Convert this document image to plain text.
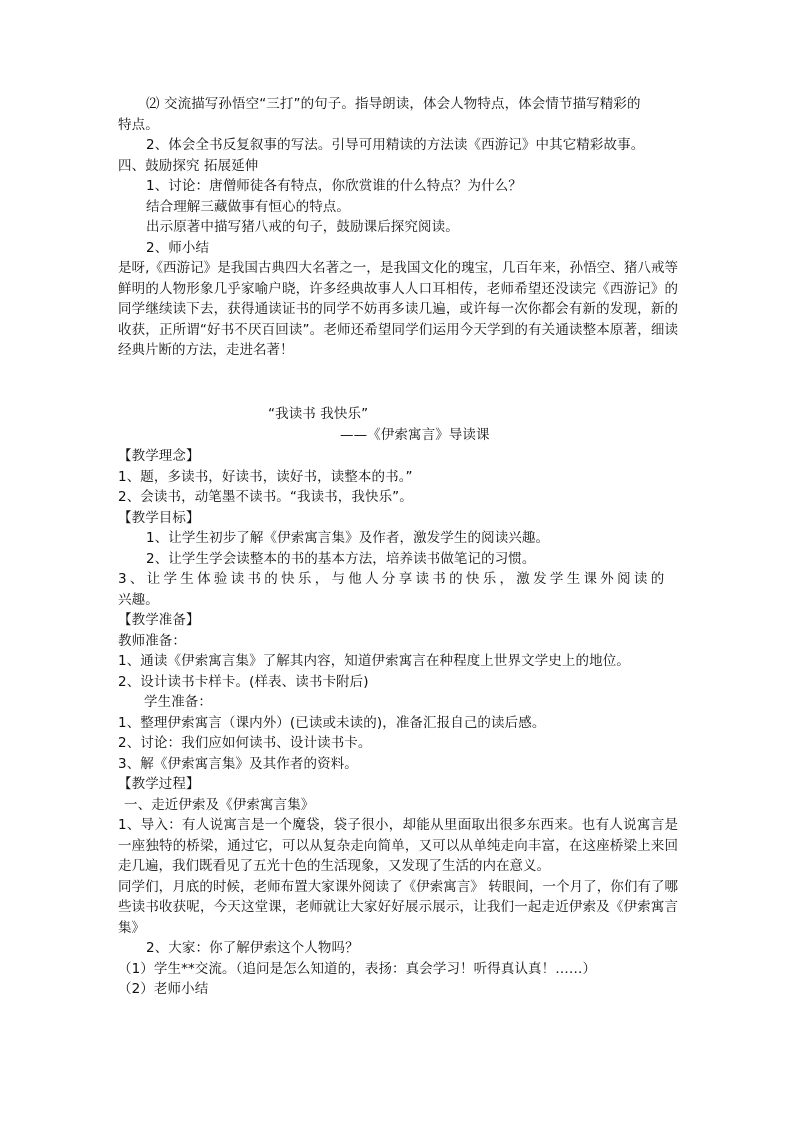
⑵ 交流描写孙悟空“三打”的句子。指导朗读，体会人物特点，体会情节描写精彩的
特点。
2、体会全书反复叙事的写法。引导可用精读的方法读《西游记》中其它精彩故事。
四、鼓励探究 拓展延伸
1、讨论：唐僧师徒各有特点，你欣赏谁的什么特点？为什么？
结合理解三藏做事有恒心的特点。
出示原著中描写猪八戒的句子，鼓励课后探究阅读。
2、师小结
是呀,《西游记》是我国古典四大名著之一，是我国文化的瑰宝，几百年来，孙悟空、猪八戒等鲜明的人物形象几乎家喻户晓，许多经典故事人人口耳相传，老师希望还没读完《西游记》的同学继续读下去，获得通读证书的同学不妨再多读几遍，或许每一次你都会有新的发现，新的收获，正所谓“好书不厌百回读”。老师还希望同学们运用今天学到的有关通读整本原著，细读经典片断的方法，走进名著！
“我读书 我快乐”
——《伊索寓言》导读课
【教学理念】
1、题，多读书，好读书，读好书，读整本的书。”
2、会读书，动笔墨不读书。“我读书，我快乐”。
【教学目标】
1、让学生初步了解《伊索寓言集》及作者，激发学生的阅读兴趣。
2、让学生学会读整本的书的基本方法，培养读书做笔记的习惯。
3、让学生体验读书的快乐，与他人分享读书的快乐，激发学生课外阅读的
兴趣。
【教学准备】
教师准备：
1、通读《伊索寓言集》了解其内容，知道伊索寓言在种程度上世界文学史上的地位。
2、设计读书卡样卡。(样表、读书卡附后)
学生准备：
1、整理伊索寓言（课内外）(已读或未读的)，准备汇报自己的读后感。
2、讨论：我们应如何读书、设计读书卡。
3、解《伊索寓言集》及其作者的资料。
【教学过程】
一、走近伊索及《伊索寓言集》
1、导入：有人说寓言是一个魔袋，袋子很小，却能从里面取出很多东西来。也有人说寓言是一座独特的桥梁，通过它，可以从复杂走向简单，又可以从单纯走向丰富，在这座桥梁上来回走几遍，我们既看见了五光十色的生活现象，又发现了生活的内在意义。
同学们，月底的时候，老师布置大家课外阅读了《伊索寓言》 转眼间，一个月了，你们有了哪些读书收获呢，今天这堂课，老师就让大家好好展示展示，让我们一起走近伊索及《伊索寓言集》
2、大家：你了解伊索这个人物吗？
（1）学生**交流。（追问是怎么知道的，表扬：真会学习！听得真认真！……）
（2）老师小结
